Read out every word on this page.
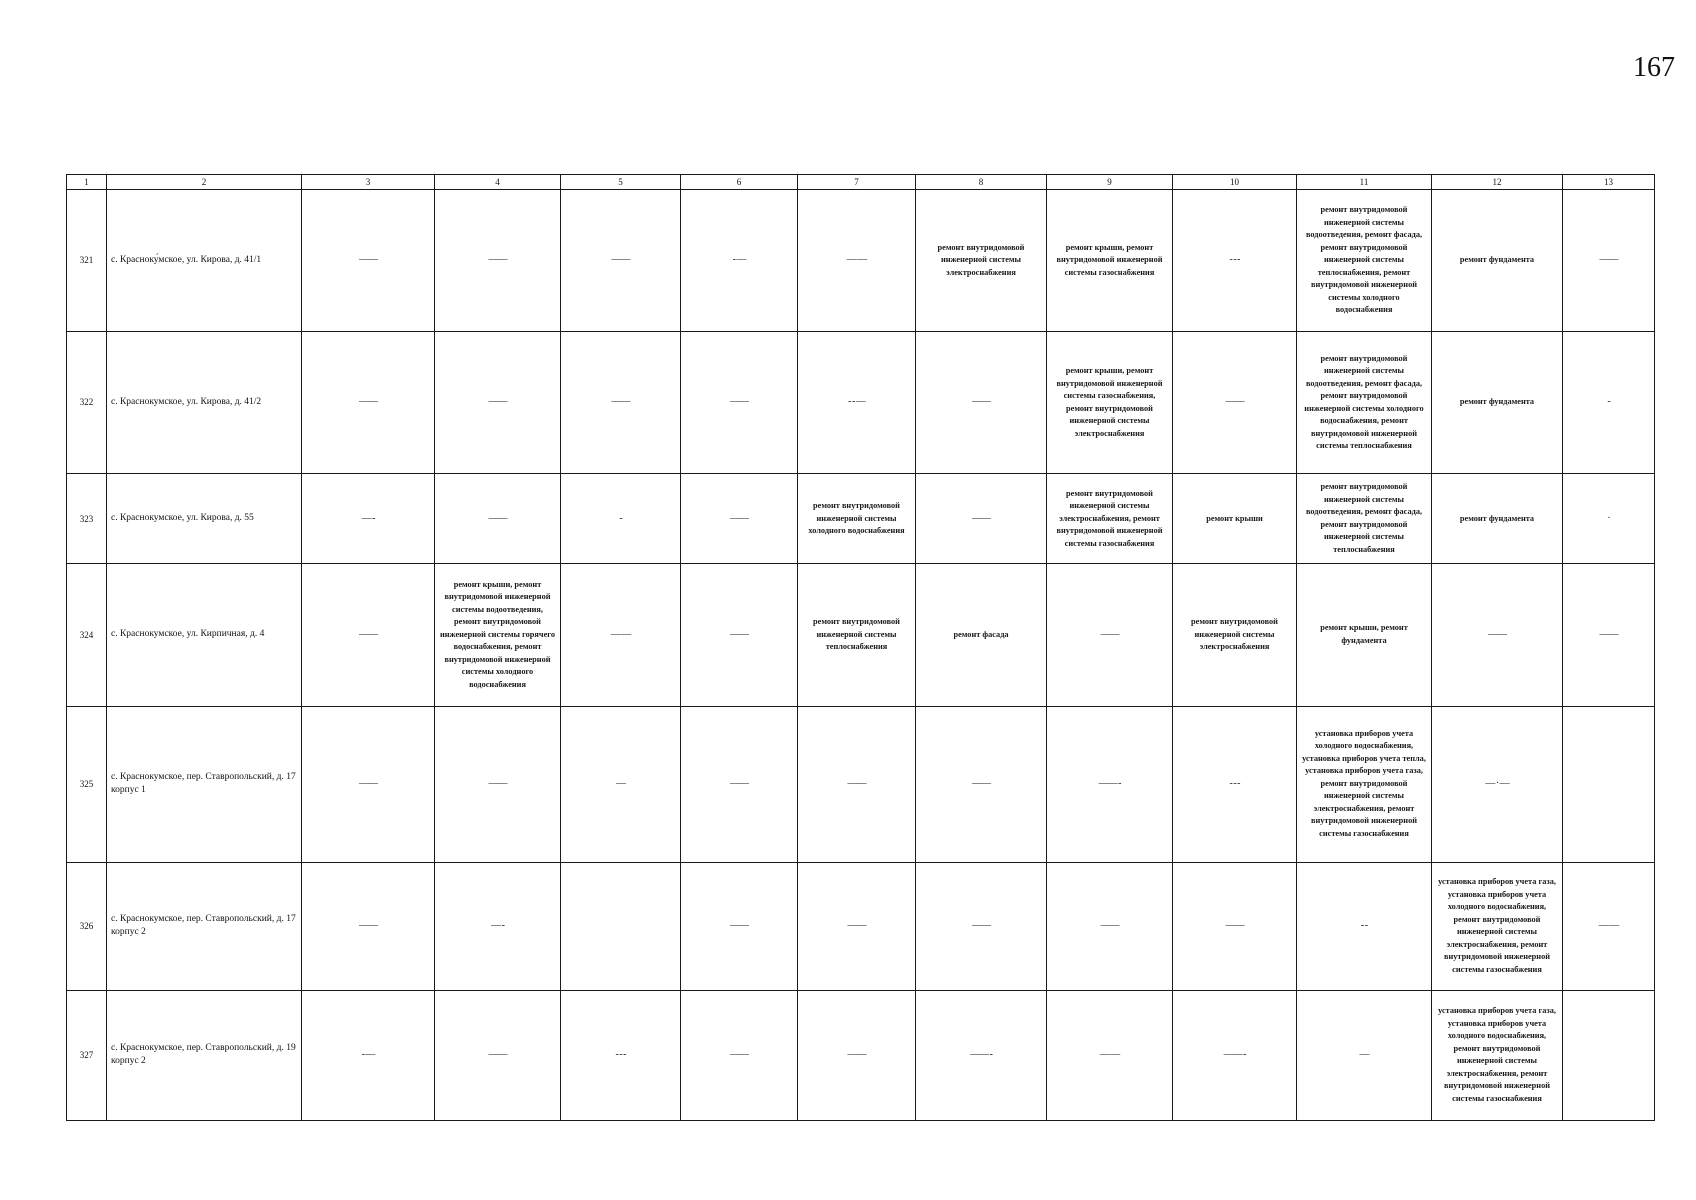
167
1	2	3	4	5	6	7	8	9	10	11	12	13
321	с. Красноку́мское, ул. Кирова, д. 41/1	——	——	——	- —	— —	ремонт внутридомовой инженерной системы электроснабжения	ремонт крыши, ремонт внутридомовой инженерной системы газоснабжения	- - -	ремонт внутридомовой инженерной системы водоотведения, ремонт фасада, ремонт внутридомовой инженерной системы теплоснабжения, ремонт внутридомовой инженерной системы холодного водоснабжения	ремонт фундамента	——
322	с. Краснокумское, ул. Кирова, д. 41/2	——	——	——	——	- - —	——	ремонт крыши, ремонт внутридомовой инженерной системы газоснабжения, ремонт внутридомовой инженерной системы электроснабжения	——	ремонт внутридомовой инженерной системы водоотведения, ремонт фасада, ремонт внутридомовой инженерной системы холодного водоснабжения, ремонт внутридомовой инженерной системы теплоснабжения	ремонт фундамента	-
323	с. Краснокумское, ул. Кирова, д. 55	— -	——	-	——	ремонт внутридомовой инженерной системы холодного водоснабжения	——	ремонт внутридомовой инженерной системы электроснабжения, ремонт внутридомовой инженерной системы газоснабжения	ремонт крыши	ремонт внутридомовой инженерной системы водоотведения, ремонт фасада, ремонт внутридомовой инженерной системы теплоснабжения	ремонт фундамента	·
324	с. Краснокумское, ул. Кирпичная, д. 4	——	ремонт крыши, ремонт внутридомовой инженерной системы водоотведения, ремонт внутридомовой инженерной системы горячего водоснабжения, ремонт внутридомовой инженерной системы холодного водоснабжения	— —	——	ремонт внутридомовой инженерной системы теплоснабжения	ремонт фасада	——	ремонт внутридомовой инженерной системы электроснабжения	ремонт крыши, ремонт фундамента	——	——
325	с. Краснокумское, пер. Ставропольский, д. 17 корпус 1	——	——	—	——	——	——	—— -	- - -	установка приборов учета холодного водоснабжения, установка приборов учета тепла, установка приборов учета газа, ремонт внутридомовой инженерной системы электроснабжения, ремонт внутридомовой инженерной системы газоснабжения	— · —	
326	с. Краснокумское, пер. Ставропольский, д. 17 корпус 2	——	— -		——	——	——	——	——	- -	установка приборов учета газа, установка приборов учета холодного водоснабжения, ремонт внутридомовой инженерной системы электроснабжения, ремонт внутридомовой инженерной системы газоснабжения	— —
327	с. Краснокумское, пер. Ставропольский, д. 19 корпус 2	- —	——	- - -	——	——	—— -	— —	—— -	—	установка приборов учета газа, установка приборов учета холодного водоснабжения, ремонт внутридомовой инженерной системы электроснабжения, ремонт внутридомовой инженерной системы газоснабжения	
